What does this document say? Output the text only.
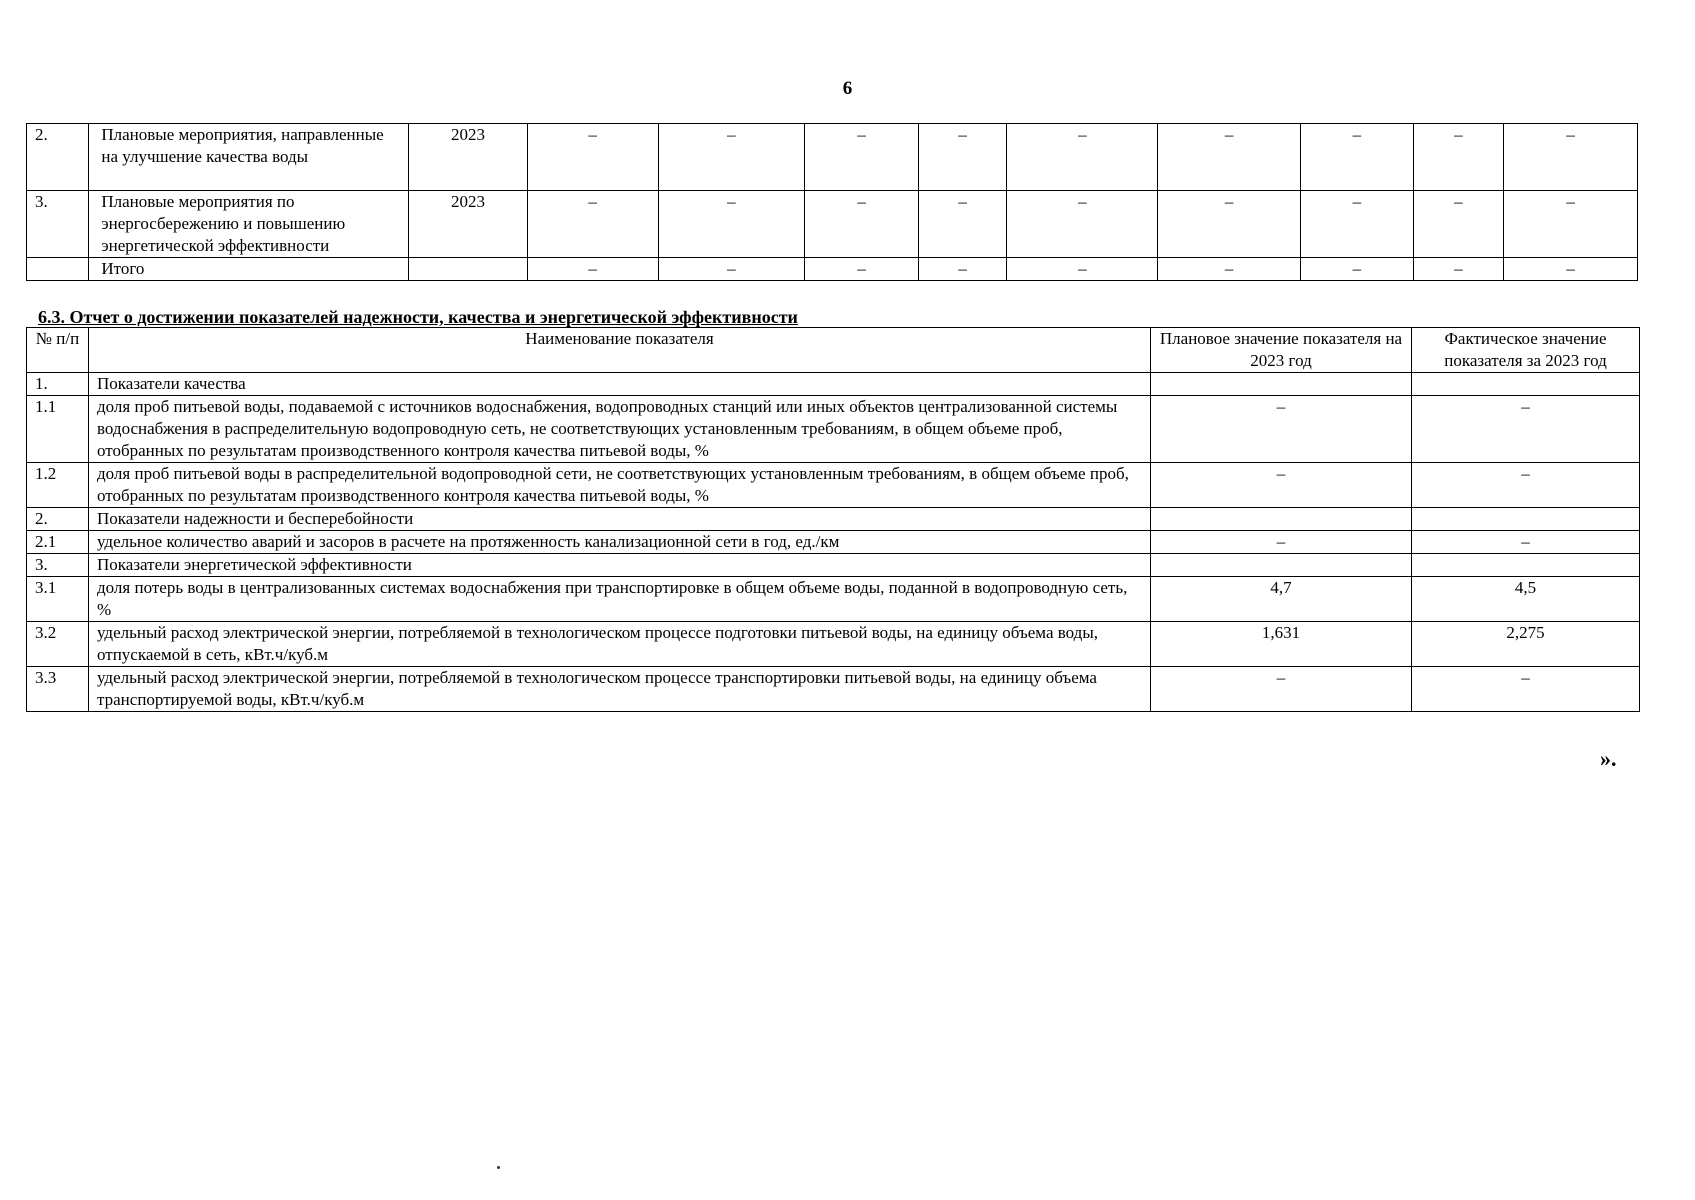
6
2.	Плановые мероприятия, направленные на улучшение качества воды	2023	–	–	–	–	–	–	–	–	–
3.	Плановые мероприятия по энергосбережению и повышению энергетической эффективности	2023	–	–	–	–	–	–	–	–	–
	Итого		–	–	–	–	–	–	–	–	–
6.3. Отчет о достижении показателей надежности, качества и энергетической эффективности
№ п/п	Наименование показателя	Плановое значение показателя на 2023 год	Фактическое значение показателя за 2023 год
1.	Показатели качества		
1.1	доля проб питьевой воды, подаваемой с источников водоснабжения, водопроводных станций или иных объектов централизованной системы водоснабжения в распределительную водопроводную сеть, не соответствующих установленным требованиям, в общем объеме проб, отобранных по результатам производственного контроля качества питьевой воды, %	–	–
1.2	доля проб питьевой воды в распределительной водопроводной сети, не соответствующих установленным требованиям, в общем объеме проб, отобранных по результатам производственного контроля качества питьевой воды, %	–	–
2.	Показатели надежности и бесперебойности		
2.1	удельное количество аварий и засоров в расчете на протяженность канализационной сети в год, ед./км	–	–
3.	Показатели энергетической эффективности		
3.1	доля потерь воды в централизованных системах водоснабжения при транспортировке в общем объеме воды, поданной в водопроводную сеть, %	4,7	4,5
3.2	удельный расход электрической энергии, потребляемой в технологическом процессе подготовки питьевой воды, на единицу объема воды, отпускаемой в сеть, кВт.ч/куб.м	1,631	2,275
3.3	удельный расход электрической энергии, потребляемой в технологическом процессе транспортировки питьевой воды, на единицу объема транспортируемой воды, кВт.ч/куб.м	–	–
».
